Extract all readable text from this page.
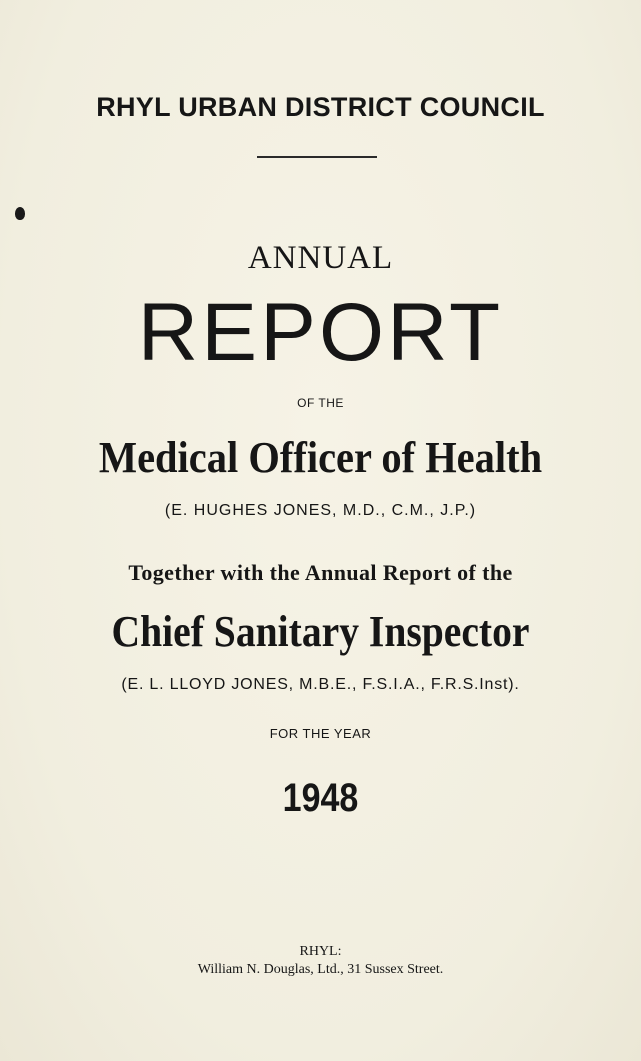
RHYL URBAN DISTRICT COUNCIL

ANNUAL

REPORT

OF THE

Medical Officer of Health

(E. HUGHES JONES, M.D., C.M., J.P.)

Together with the Annual Report of the

Chief Sanitary Inspector

(E. L. LLOYD JONES, M.B.E., F.S.I.A., F.R.S.Inst).

FOR THE YEAR

1948

RHYL:

William N. Douglas, Ltd., 31 Sussex Street.
